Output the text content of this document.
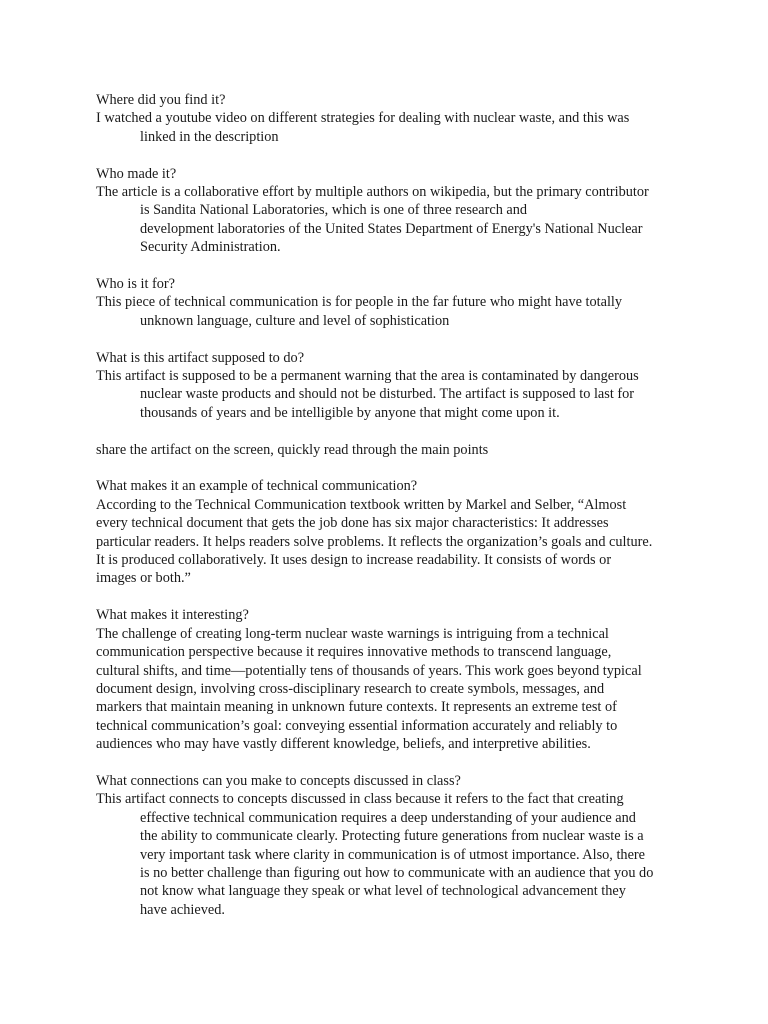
Where did you find it?

I watched a youtube video on different strategies for dealing with nuclear waste, and this was

linked in the description

Who made it?

The article is a collaborative effort by multiple authors on wikipedia, but the primary contributor

is Sandita National Laboratories, which is one of three research and

development laboratories of the United States Department of Energy's National Nuclear

Security Administration.

Who is it for?

This piece of technical communication is for people in the far future who might have totally

unknown language, culture and level of sophistication

What is this artifact supposed to do?

This artifact is supposed to be a permanent warning that the area is contaminated by dangerous

nuclear waste products and should not be disturbed. The artifact is supposed to last for

thousands of years and be intelligible by anyone that might come upon it.

share the artifact on the screen, quickly read through the main points

What makes it an example of technical communication?

According to the Technical Communication textbook written by Markel and Selber, “Almost

every technical document that gets the job done has six major characteristics: It addresses

particular readers. It helps readers solve problems. It reflects the organization’s goals and culture.

It is produced collaboratively. It uses design to increase readability. It consists of words or

images or both.”

What makes it interesting?

The challenge of creating long-term nuclear waste warnings is intriguing from a technical

communication perspective because it requires innovative methods to transcend language,

cultural shifts, and time—potentially tens of thousands of years. This work goes beyond typical

document design, involving cross-disciplinary research to create symbols, messages, and

markers that maintain meaning in unknown future contexts. It represents an extreme test of

technical communication’s goal: conveying essential information accurately and reliably to

audiences who may have vastly different knowledge, beliefs, and interpretive abilities.

What connections can you make to concepts discussed in class?

This artifact connects to concepts discussed in class because it refers to the fact that creating

effective technical communication requires a deep understanding of your audience and

the ability to communicate clearly. Protecting future generations from nuclear waste is a

very important task where clarity in communication is of utmost importance. Also, there

is no better challenge than figuring out how to communicate with an audience that you do

not know what language they speak or what level of technological advancement they

have achieved.
